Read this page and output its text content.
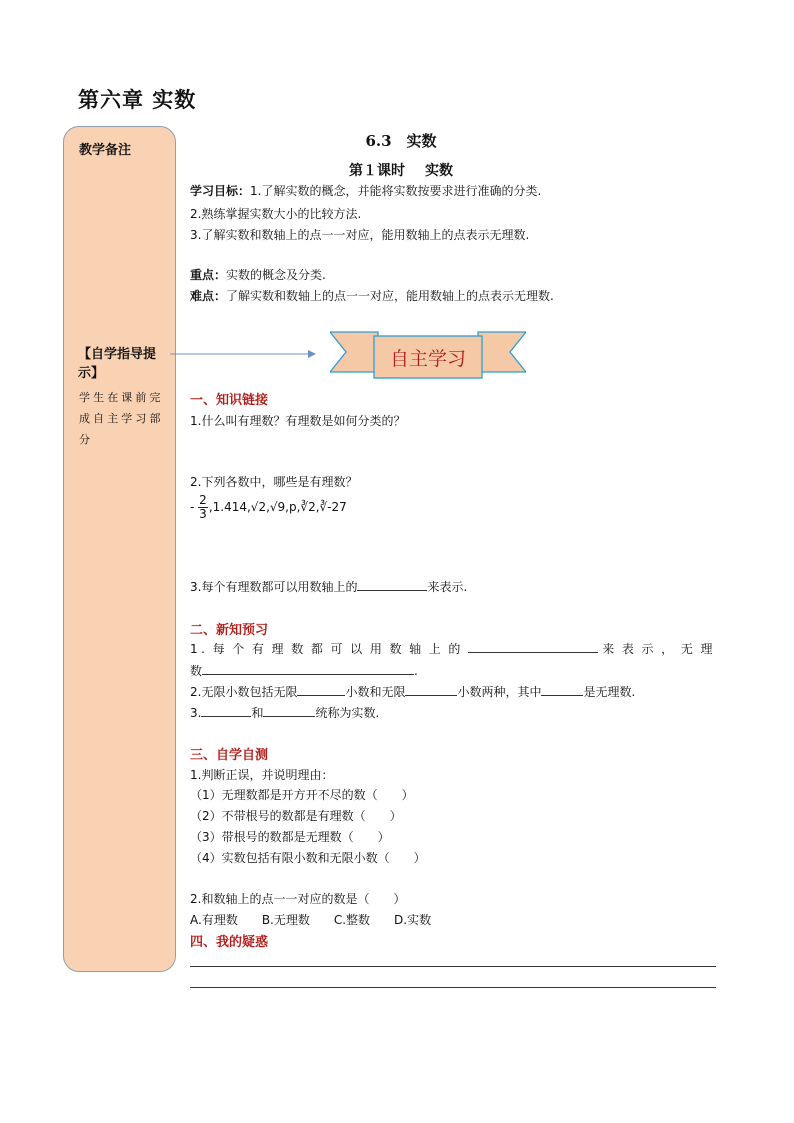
第六章 实数
教学备注
【自学指导提示】
学生在课前完成自主学习部分
6.3　实数
第１课时 实数
学习目标：1.了解实数的概念，并能将实数按要求进行准确的分类.
2.熟练掌握实数大小的比较方法.
3.了解实数和数轴上的点一一对应，能用数轴上的点表示无理数.
重点：实数的概念及分类.
难点：了解实数和数轴上的点一一对应，能用数轴上的点表示无理数.
自主学习
一、知识链接
1.什么叫有理数？有理数是如何分类的？
2.下列各数中，哪些是有理数？
- $\frac{2}{3}$ ,1.414,√2,√9,p,∛2,∛-27
3.每个有理数都可以用数轴上的	来表示.
二、新知预习
1.每个有理数都可以用数轴上的	来表示，无理
数	.
2.无限小数包括无限	小数和无限	小数两种，其中	是无理数.
3.	和	统称为实数.
三、自学自测
1.判断正误，并说明理由：
（1）无理数都是开方开不尽的数（　　）
（2）不带根号的数都是有理数（　　）
（3）带根号的数都是无理数（　　）
（4）实数包括有限小数和无限小数（　　）
2.和数轴上的点一一对应的数是（　　）
A.有理数　　B.无理数　　C.整数　　D.实数
四、我的疑惑
